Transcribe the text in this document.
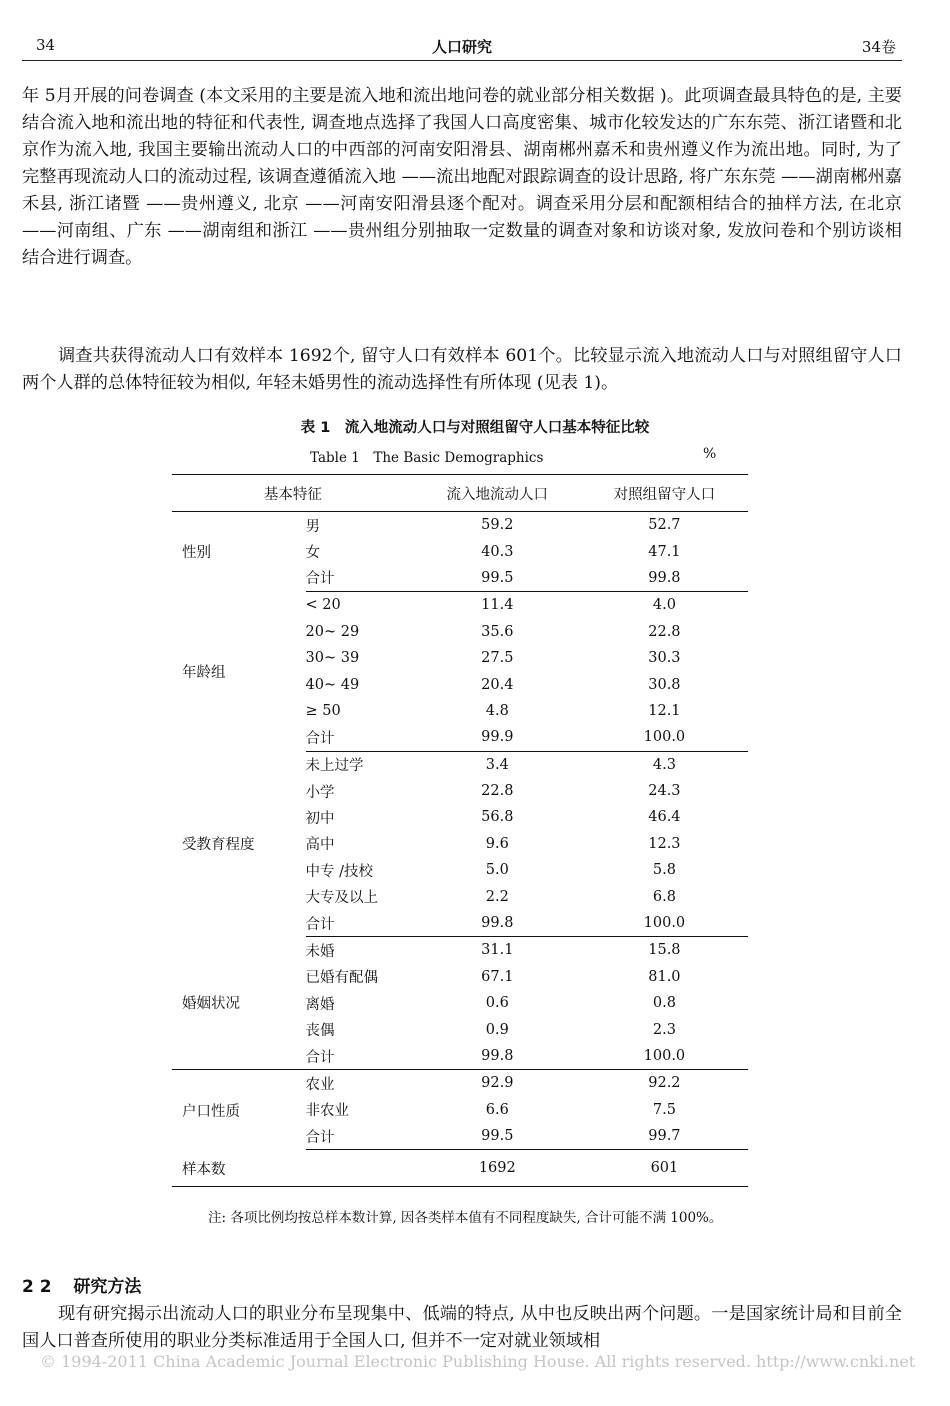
34	人口研究	34卷

年 5月开展的问卷调查 (本文采用的主要是流入地和流出地问卷的就业部分相关数据 )。此项调查最具特色的是, 主要结合流入地和流出地的特征和代表性, 调查地点选择了我国人口高度密集、城市化较发达的广东东莞、浙江诸暨和北京作为流入地, 我国主要输出流动人口的中西部的河南安阳滑县、湖南郴州嘉禾和贵州遵义作为流出地。同时, 为了完整再现流动人口的流动过程, 该调查遵循流入地 ——流出地配对跟踪调查的设计思路, 将广东东莞 ——湖南郴州嘉禾县, 浙江诸暨 ——贵州遵义, 北京 ——河南安阳滑县逐个配对。调查采用分层和配额相结合的抽样方法, 在北京 ——河南组、广东 ——湖南组和浙江 ——贵州组分别抽取一定数量的调查对象和访谈对象, 发放问卷和个别访谈相结合进行调查。

调查共获得流动人口有效样本 1692个, 留守人口有效样本 601个。比较显示流入地流动人口与对照组留守人口两个人群的总体特征较为相似, 年轻未婚男性的流动选择性有所体现 (见表 1)。

表 1　流入地流动人口与对照组留守人口基本特征比较
Table 1　The Basic Demographics	%
基本特征		流入地流动人口	对照组留守人口
性别	男	59.2	52.7
	女	40.3	47.1
	合计	99.5	99.8
年龄组	< 20	11.4	4.0
	20~ 29	35.6	22.8
	30~ 39	27.5	30.3
	40~ 49	20.4	30.8
	≥ 50	4.8	12.1
	合计	99.9	100.0
受教育程度	未上过学	3.4	4.3
	小学	22.8	24.3
	初中	56.8	46.4
	高中	9.6	12.3
	中专 /技校	5.0	5.8
	大专及以上	2.2	6.8
	合计	99.8	100.0
婚姻状况	未婚	31.1	15.8
	已婚有配偶	67.1	81.0
	离婚	0.6	0.8
	丧偶	0.9	2.3
	合计	99.8	100.0
户口性质	农业	92.9	92.2
	非农业	6.6	7.5
	合计	99.5	99.7
样本数		1692	601

注: 各项比例均按总样本数计算, 因各类样本值有不同程度缺失, 合计可能不满 100%。

2 2 研究方法

现有研究揭示出流动人口的职业分布呈现集中、低端的特点, 从中也反映出两个问题。一是国家统计局和目前全国人口普查所使用的职业分类标准适用于全国人口, 但并不一定对就业领域相

© 1994-2011 China Academic Journal Electronic Publishing House. All rights reserved. http://www.cnki.net
